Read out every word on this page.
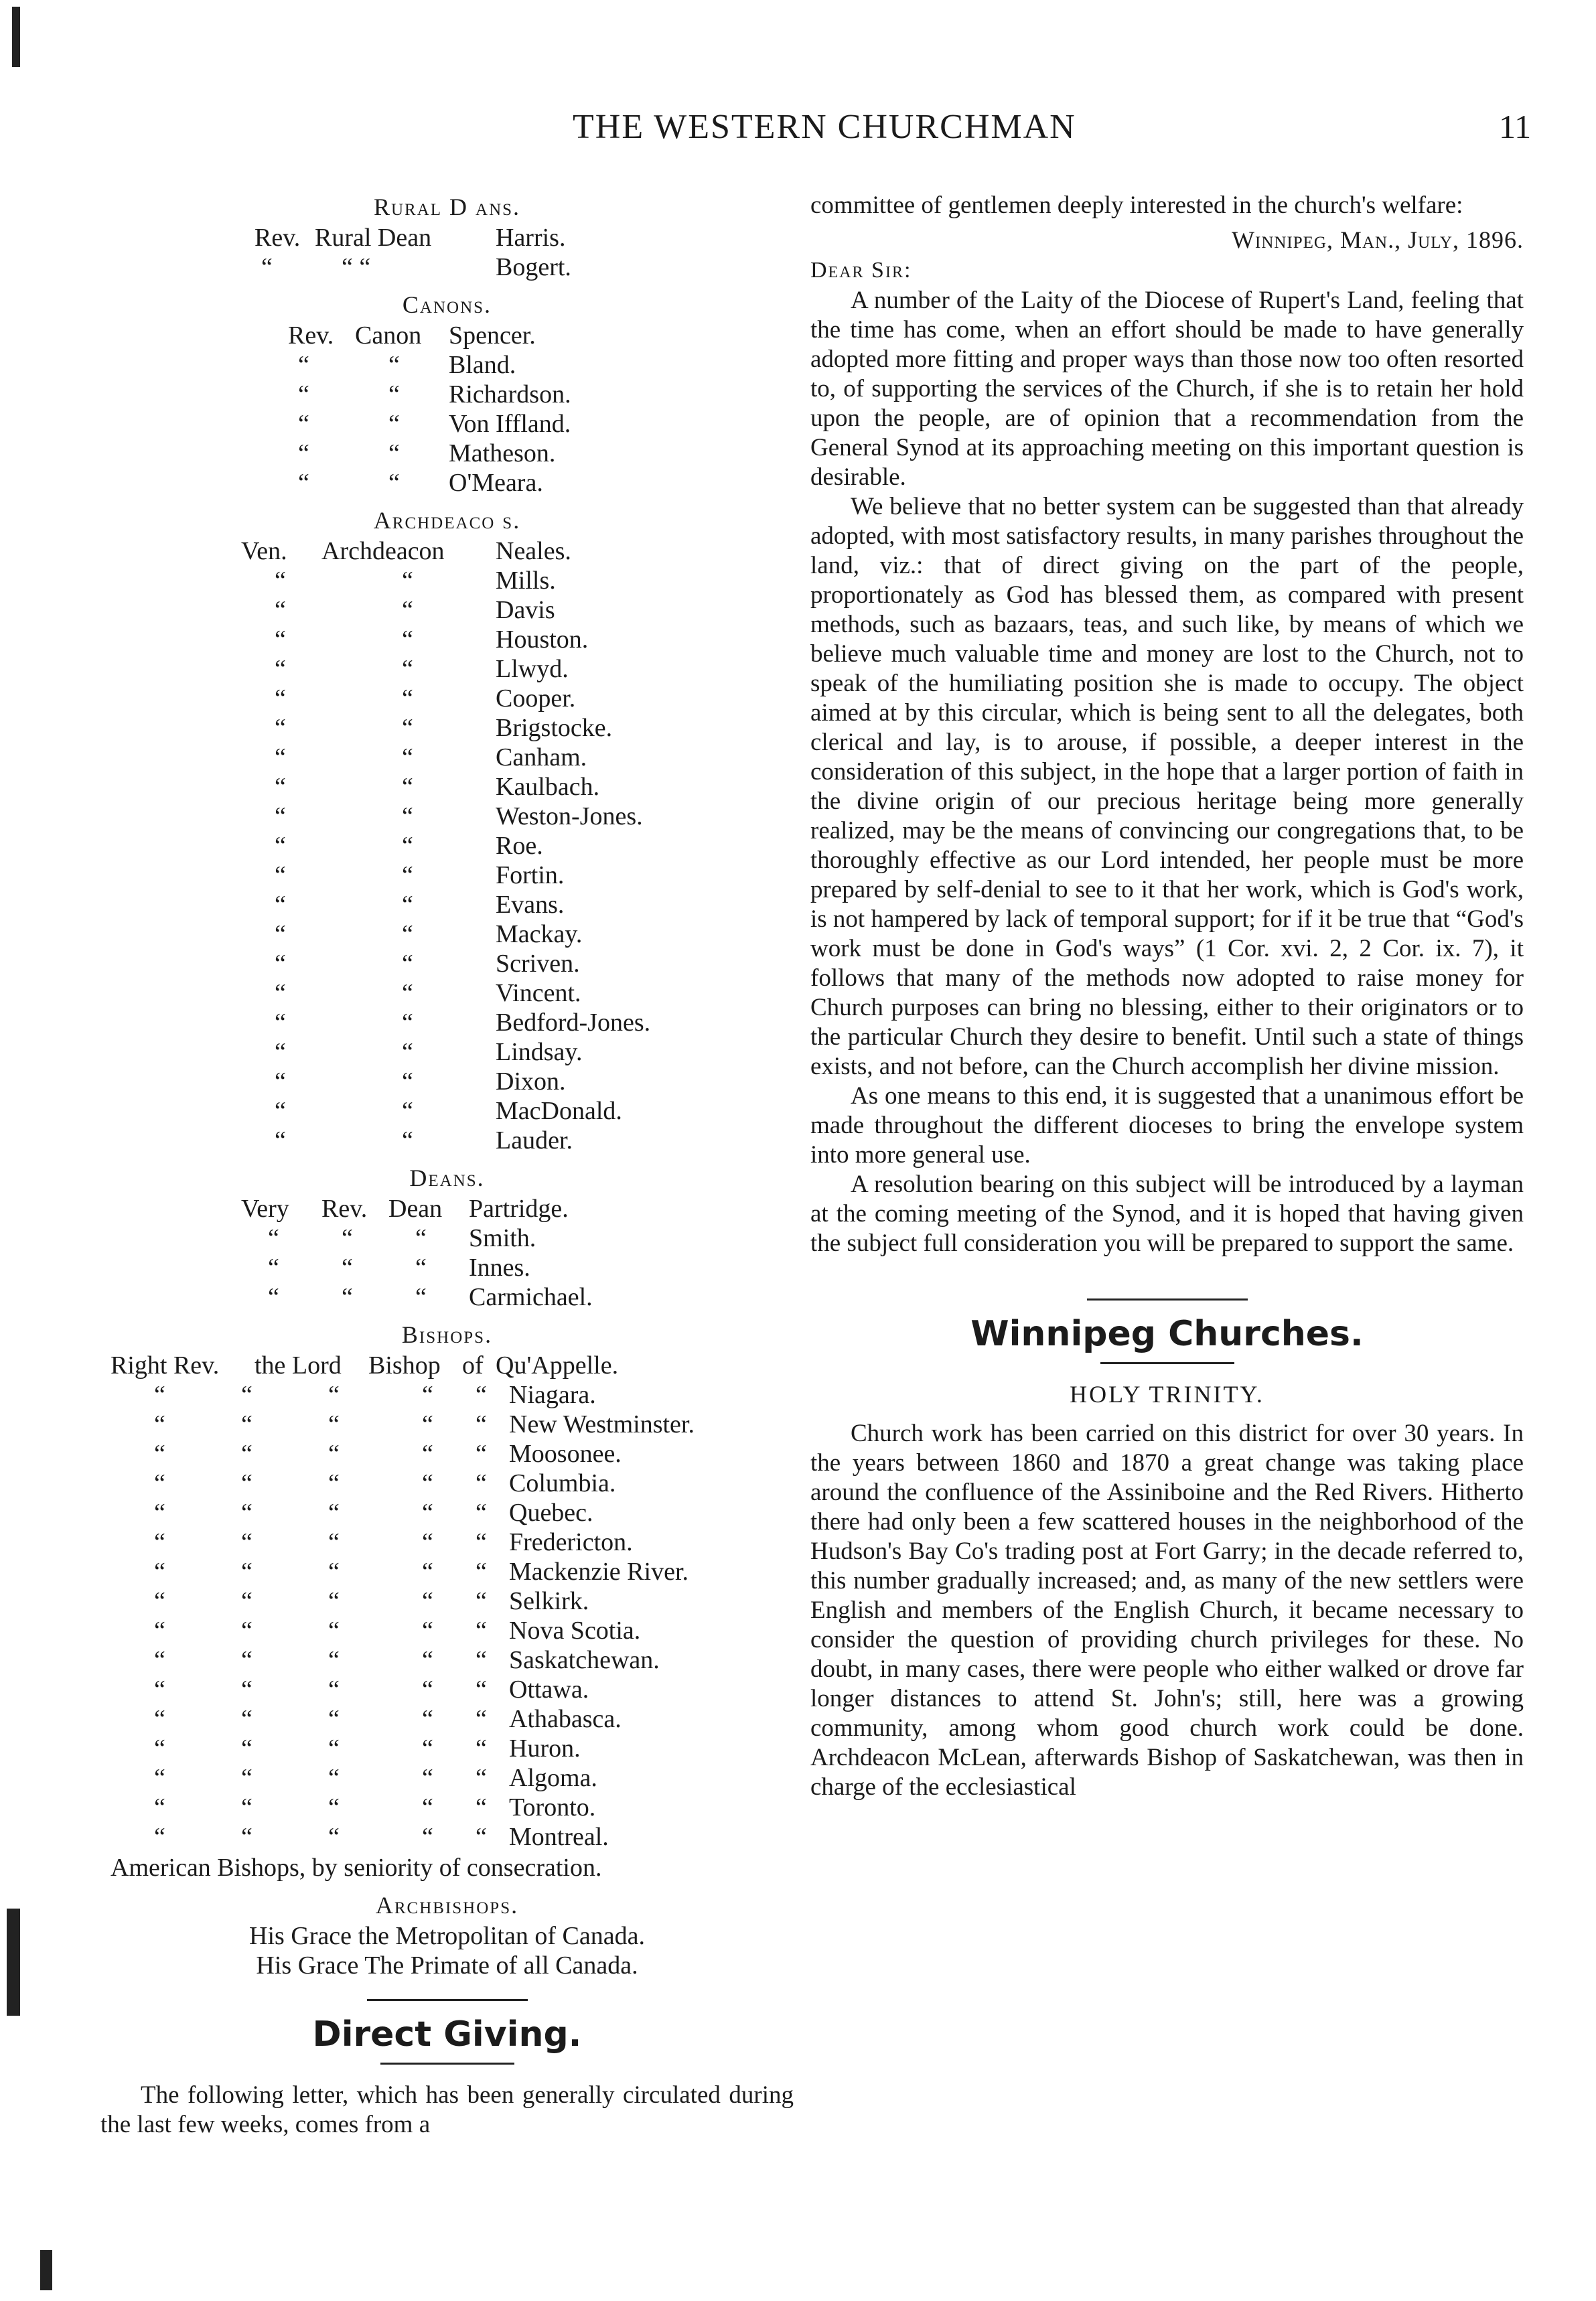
THE WESTERN CHURCHMAN	11
Rural D ans.
Rev. Rural Dean	Harris.
“	“ “	Bogert.
Canons.
Rev. Canon Spencer.
“	“ Bland.
“	“ Richardson.
“	“ Von Iffland.
“	“ Matheson.
“	“ O'Meara.
Archdeaco s.
Ven. Archdeacon Neales.
“	“	Mills.
“	“	Davis
“	“	Houston.
“	“	Llwyd.
“	“	Cooper.
“	“	Brigstocke.
“	“	Canham.
“	“	Kaulbach.
“	“	Weston-Jones.
“	“	Roe.
“	“	Fortin.
“	“	Evans.
“	“	Mackay.
“	“	Scriven.
“	“	Vincent.
“	“	Bedford-Jones.
“	“	Lindsay.
“	“	Dixon.
“	“	MacDonald.
“	“	Lauder.
Deans.
Very Rev. Dean Partridge.
“ “ “ Smith.
“ “ “ Innes.
“ “ “ Carmichael.
Bishops.
Right Rev. the Lord Bishop of Qu'Appelle.
“	“	“	“ “ Niagara.
“	“	“	“ “ New Westminster.
“	“	“	“ “ Moosonee.
“	“	“	“ “ Columbia.
“	“	“	“ “ Quebec.
“	“	“	“ “ Fredericton.
“	“	“	“ “ Mackenzie River.
“	“	“	“ “ Selkirk.
“	“	“	“ “ Nova Scotia.
“	“	“	“ “ Saskatchewan.
“	“	“	“ “ Ottawa.
“	“	“	“ “ Athabasca.
“	“	“	“ “ Huron.
“	“	“	“ “ Algoma.
“	“	“	“ “ Toronto.
“	“	“	“ “ Montreal.
American Bishops, by seniority of consecration.
Archbishops.
His Grace the Metropolitan of Canada.
His Grace The Primate of all Canada.
Direct Giving.

The following letter, which has been generally circulated during the last few weeks, comes from a

committee of gentlemen deeply interested in the church's welfare:

Winnipeg, Man., July, 1896.
Dear Sir:

A number of the Laity of the Diocese of Rupert's Land, feeling that the time has come, when an effort should be made to have generally adopted more fitting and proper ways than those now too often resorted to, of supporting the services of the Church, if she is to retain her hold upon the people, are of opinion that a recommendation from the General Synod at its approaching meeting on this important question is desirable.

We believe that no better system can be suggested than that already adopted, with most satisfactory results, in many parishes throughout the land, viz.: that of direct giving on the part of the people, proportionately as God has blessed them, as compared with present methods, such as bazaars, teas, and such like, by means of which we believe much valuable time and money are lost to the Church, not to speak of the humiliating position she is made to occupy. The object aimed at by this circular, which is being sent to all the delegates, both clerical and lay, is to arouse, if possible, a deeper interest in the consideration of this subject, in the hope that a larger portion of faith in the divine origin of our precious heritage being more generally realized, may be the means of convincing our congregations that, to be thoroughly effective as our Lord intended, her people must be more prepared by self-denial to see to it that her work, which is God's work, is not hampered by lack of temporal support; for if it be true that “God's work must be done in God's ways” (1 Cor. xvi. 2, 2 Cor. ix. 7), it follows that many of the methods now adopted to raise money for Church purposes can bring no blessing, either to their originators or to the particular Church they desire to benefit. Until such a state of things exists, and not before, can the Church accomplish her divine mission.

As one means to this end, it is suggested that a unanimous effort be made throughout the different dioceses to bring the envelope system into more general use.

A resolution bearing on this subject will be introduced by a layman at the coming meeting of the Synod, and it is hoped that having given the subject full consideration you will be prepared to support the same.

Winnipeg Churches.
HOLY TRINITY.

Church work has been carried on this district for over 30 years. In the years between 1860 and 1870 a great change was taking place around the confluence of the Assiniboine and the Red Rivers. Hitherto there had only been a few scattered houses in the neighborhood of the Hudson's Bay Co's trading post at Fort Garry; in the decade referred to, this number gradually increased; and, as many of the new settlers were English and members of the English Church, it became necessary to consider the question of providing church privileges for these. No doubt, in many cases, there were people who either walked or drove far longer distances to attend St. John's; still, here was a growing community, among whom good church work could be done. Archdeacon McLean, afterwards Bishop of Saskatchewan, was then in charge of the ecclesiastical
